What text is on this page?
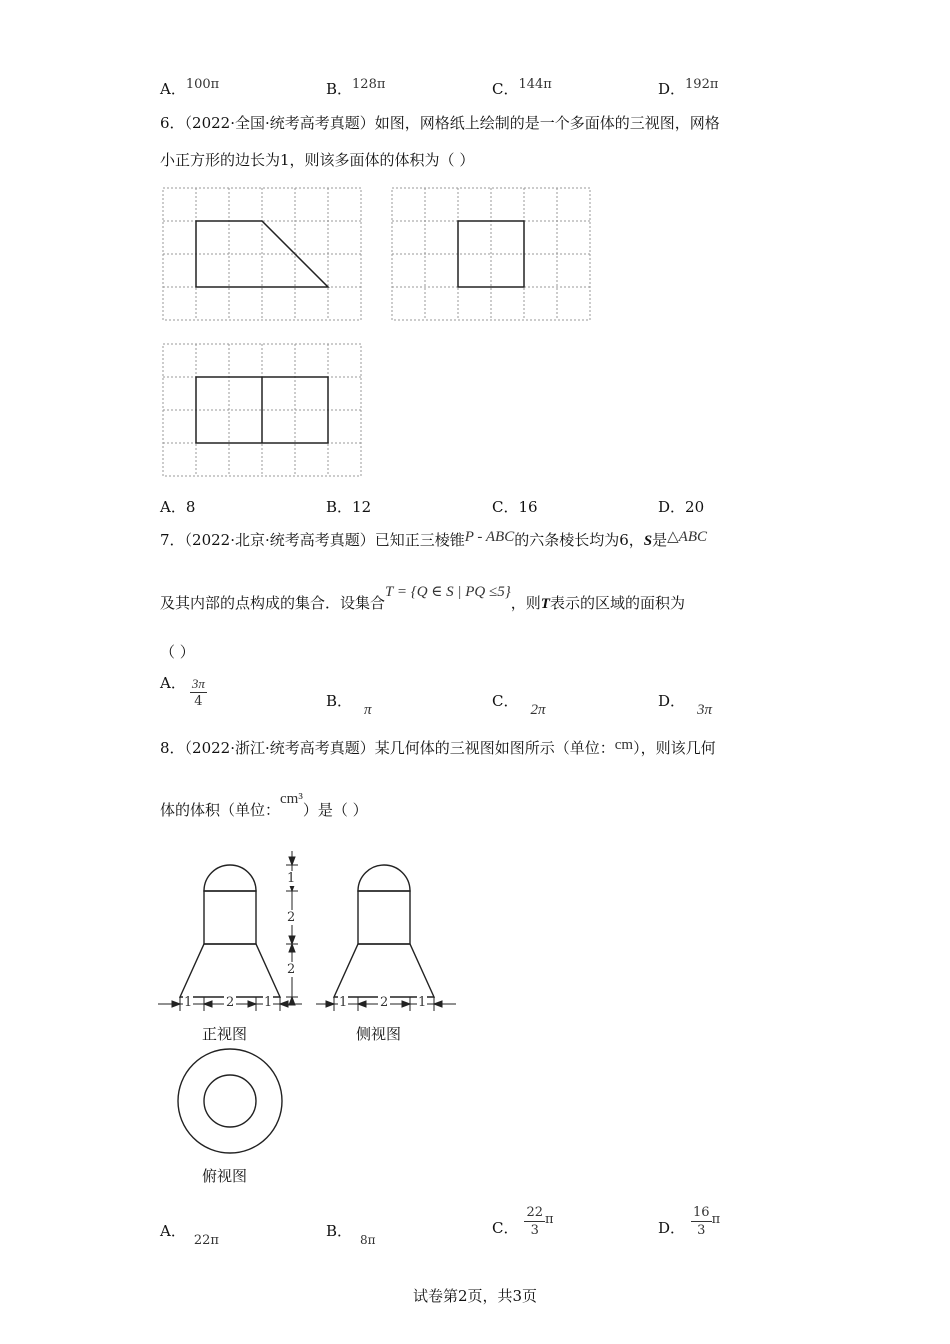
A．100π	B．128π	C．144π	D．192π
6．（2022·全国·统考高考真题）如图，网格纸上绘制的是一个多面体的三视图，网格
小正方形的边长为1，则该多面体的体积为（ ）
A．8	B．12	C．16	D．20
7．（2022·北京·统考高考真题）已知正三棱锥P - ABC的六条棱长均为6，S是△ABC
及其内部的点构成的集合．设集合T = {Q ∈ S | PQ ≤5}，则T表示的区域的面积为
（ ）
A． $\frac{3\pi}{4}$	B． π	C． 2π	D． 3π
8．（2022·浙江·统考高考真题）某几何体的三视图如图所示（单位：cm），则该几何
体的体积（单位：cm³）是（ ）
1
2
2
1	2 1
正视图
1	2 1
侧视图
俯视图
A．22π
B． $_{8\pi}$
C． $\frac{22}{3}$ π	D． $\frac{16}{3}$ π
试卷第2页，共3页
